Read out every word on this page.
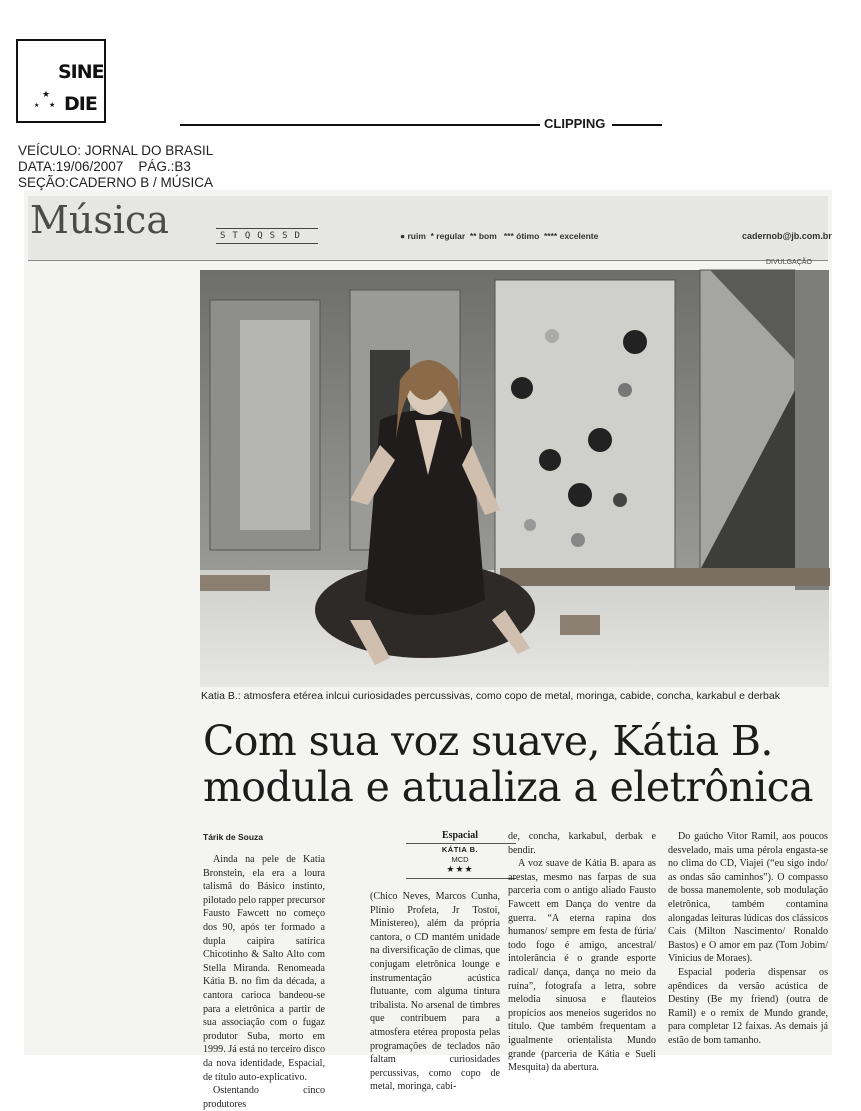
★
★
★
SINE
DIE
CLIPPING
VEÍCULO: JORNAL DO BRASIL
DATA:19/06/2007    PÁG.:B3
SEÇÃO:CADERNO B / MÚSICA
Música	STQQSSD	● ruim  * regular  ** bom   *** ótimo  **** excelente	cadernob@jb.com.br
DIVULGAÇÃO
Katia B.: atmosfera etérea inlcui curiosidades percussivas, como copo de metal, moringa, cabide, concha, karkabul e derbak
Com sua voz suave, Kátia B. modula e atualiza a eletrônica
Tárik de Souza	Espacial
KÁTIA B.
MCD
★★★

Ainda na pele de Katia Bronstein, ela era a loura talismã do Básico instinto, pilotado pelo rapper precursor Fausto Fawcett no começo dos 90, após ter formado a dupla caipira satírica Chicotinho & Salto Alto com Stella Miranda. Renomeada Kátia B. no fim da década, a cantora carioca bandeou-se para a eletrônica a partir de sua associação com o fugaz produtor Suba, morto em 1999. Já está no terceiro disco da nova identidade, Espacial, de título auto-explicativo.

Ostentando cinco produtores

(Chico Neves, Marcos Cunha, Plínio Profeta, Jr Tostoi, Ministereo), além da própria cantora, o CD mantém unidade na diversificação de climas, que conjugam eletrônica lounge e instrumentação acústica flutuante, com alguma tintura tribalista. No arsenal de timbres que contribuem para a atmosfera etérea proposta pelas programações de teclados não faltam curiosidades percussivas, como copo de metal, moringa, cabi-

de, concha, karkabul, derbak e bendir.

A voz suave de Kátia B. apara as arestas, mesmo nas farpas de sua parceria com o antigo aliado Fausto Fawcett em Dança do ventre da guerra. “A eterna rapina dos humanos/ sempre em festa de fúria/ todo fogo é amigo, ancestral/ intolerância é o grande esporte radical/ dança, dança no meio da ruína”, fotografa a letra, sobre melodia sinuosa e flauteios propícios aos meneios sugeridos no título. Que também frequentam a igualmente orientalista Mundo grande (parceria de Kátia e Sueli Mesquita) da abertura.

Do gaúcho Vitor Ramil, aos poucos desvelado, mais uma pérola engasta-se no clima do CD, Viajei (“eu sigo indo/ as ondas são caminhos”). O compasso de bossa manemolente, sob modulação eletrônica, também contamina alongadas leituras lúdicas dos clássicos Cais (Milton Nascimento/ Ronaldo Bastos) e O amor em paz (Tom Jobim/ Vinicius de Moraes).

Espacial poderia dispensar os apêndices da versão acústica de Destiny (Be my friend) (outra de Ramil) e o remix de Mundo grande, para completar 12 faixas. As demais já estão de bom tamanho.
